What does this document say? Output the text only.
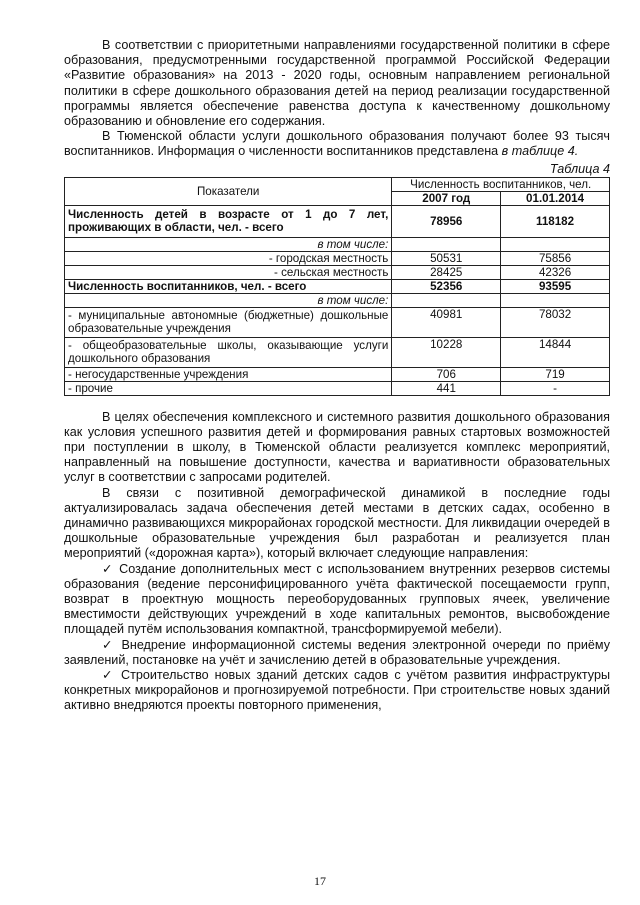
В соответствии с приоритетными направлениями государственной политики в сфере образования, предусмотренными государственной программой Российской Федерации «Развитие образования» на 2013 - 2020 годы, основным направлением региональной политики в сфере дошкольного образования детей на период реализации государственной программы является обеспечение равенства доступа к качественному дошкольному образованию и обновление его содержания.

В Тюменской области услуги дошкольного образования получают более 93 тысяч воспитанников. Информация о численности воспитанников представлена в таблице 4.

Таблица 4
Показатели	Численность воспитанников, чел.	
	2007 год	01.01.2014
Численность детей в возрасте от 1 до 7 лет, проживающих в области, чел. - всего	78956	118182
в том числе:		
- городская местность	50531	75856
- сельская местность	28425	42326
Численность воспитанников, чел. - всего	52356	93595
в том числе:		
- муниципальные автономные (бюджетные) дошкольные образовательные учреждения	40981	78032
- общеобразовательные школы, оказывающие услуги дошкольного образования	10228	14844
- негосударственные учреждения	706	719
- прочие	441	-

В целях обеспечения комплексного и системного развития дошкольного образования как условия успешного развития детей и формирования равных стартовых возможностей при поступлении в школу, в Тюменской области реализуется комплекс мероприятий, направленный на повышение доступности, качества и вариативности образовательных услуг в соответствии с запросами родителей.

В связи с позитивной демографической динамикой в последние годы актуализировалась задача обеспечения детей местами в детских садах, особенно в динамично развивающихся микрорайонах городской местности. Для ликвидации очередей в дошкольные образовательные учреждения был разработан и реализуется план мероприятий («дорожная карта»), который включает следующие направления:

✓ Создание дополнительных мест с использованием внутренних резервов системы образования (ведение персонифицированного учёта фактической посещаемости групп, возврат в проектную мощность переоборудованных групповых ячеек, увеличение вместимости действующих учреждений в ходе капитальных ремонтов, высвобождение площадей путём использования компактной, трансформируемой мебели).

✓ Внедрение информационной системы ведения электронной очереди по приёму заявлений, постановке на учёт и зачислению детей в образовательные учреждения.

✓ Строительство новых зданий детских садов с учётом развития инфраструктуры конкретных микрорайонов и прогнозируемой потребности. При строительстве новых зданий активно внедряются проекты повторного применения,

17
